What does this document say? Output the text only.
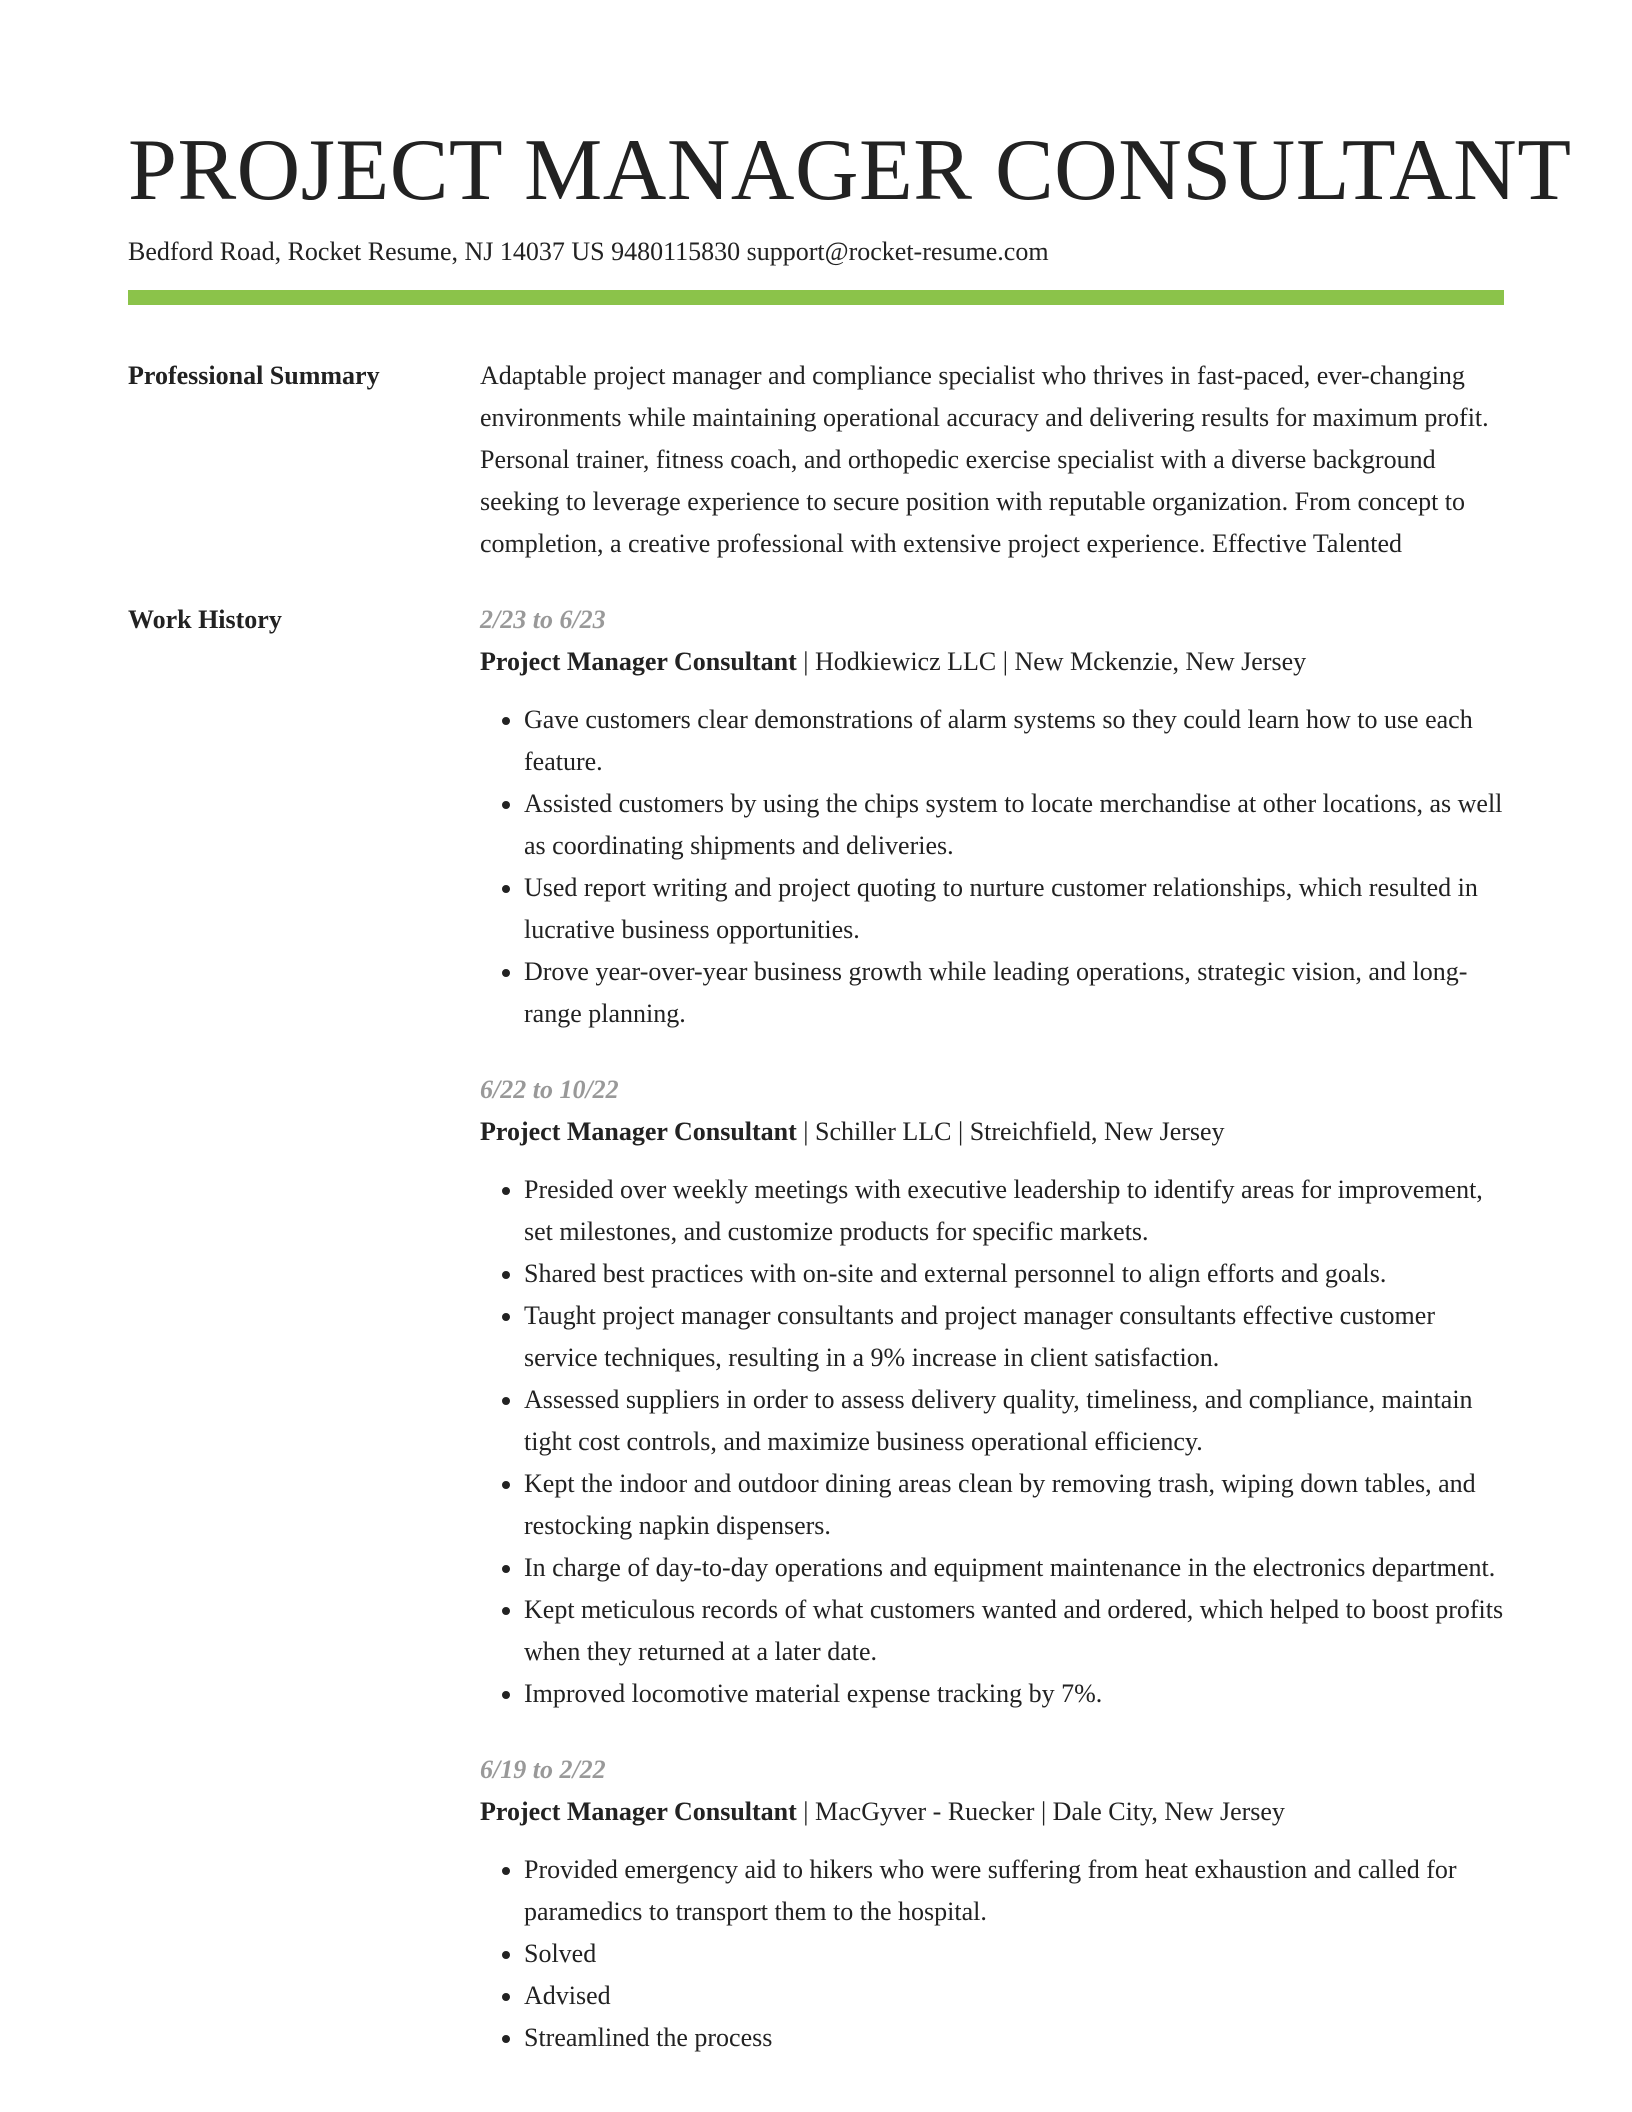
PROJECT MANAGER CONSULTANT
Bedford Road, Rocket Resume, NJ 14037 US 9480115830 support@rocket-resume.com
Professional Summary	Adaptable project manager and compliance specialist who thrives in fast-paced, ever-changing environments while maintaining operational accuracy and delivering results for maximum profit. Personal trainer, fitness coach, and orthopedic exercise specialist with a diverse background seeking to leverage experience to secure position with reputable organization. From concept to completion, a creative professional with extensive project experience. Effective Talented

Work History	2/23 to 6/23
Project Manager Consultant | Hodkiewicz LLC | New Mckenzie, New Jersey
• Gave customers clear demonstrations of alarm systems so they could learn how to use each feature.
• Assisted customers by using the chips system to locate merchandise at other locations, as well as coordinating shipments and deliveries.
• Used report writing and project quoting to nurture customer relationships, which resulted in lucrative business opportunities.
• Drove year-over-year business growth while leading operations, strategic vision, and long-range planning.
6/22 to 10/22
Project Manager Consultant | Schiller LLC | Streichfield, New Jersey
• Presided over weekly meetings with executive leadership to identify areas for improvement, set milestones, and customize products for specific markets.
• Shared best practices with on-site and external personnel to align efforts and goals.
• Taught project manager consultants and project manager consultants effective customer service techniques, resulting in a 9% increase in client satisfaction.
• Assessed suppliers in order to assess delivery quality, timeliness, and compliance, maintain tight cost controls, and maximize business operational efficiency.
• Kept the indoor and outdoor dining areas clean by removing trash, wiping down tables, and restocking napkin dispensers.
• In charge of day-to-day operations and equipment maintenance in the electronics department.
• Kept meticulous records of what customers wanted and ordered, which helped to boost profits when they returned at a later date.
• Improved locomotive material expense tracking by 7%.
6/19 to 2/22
Project Manager Consultant | MacGyver - Ruecker | Dale City, New Jersey
• Provided emergency aid to hikers who were suffering from heat exhaustion and called for paramedics to transport them to the hospital.
• Solved
• Advised
• Streamlined the process
